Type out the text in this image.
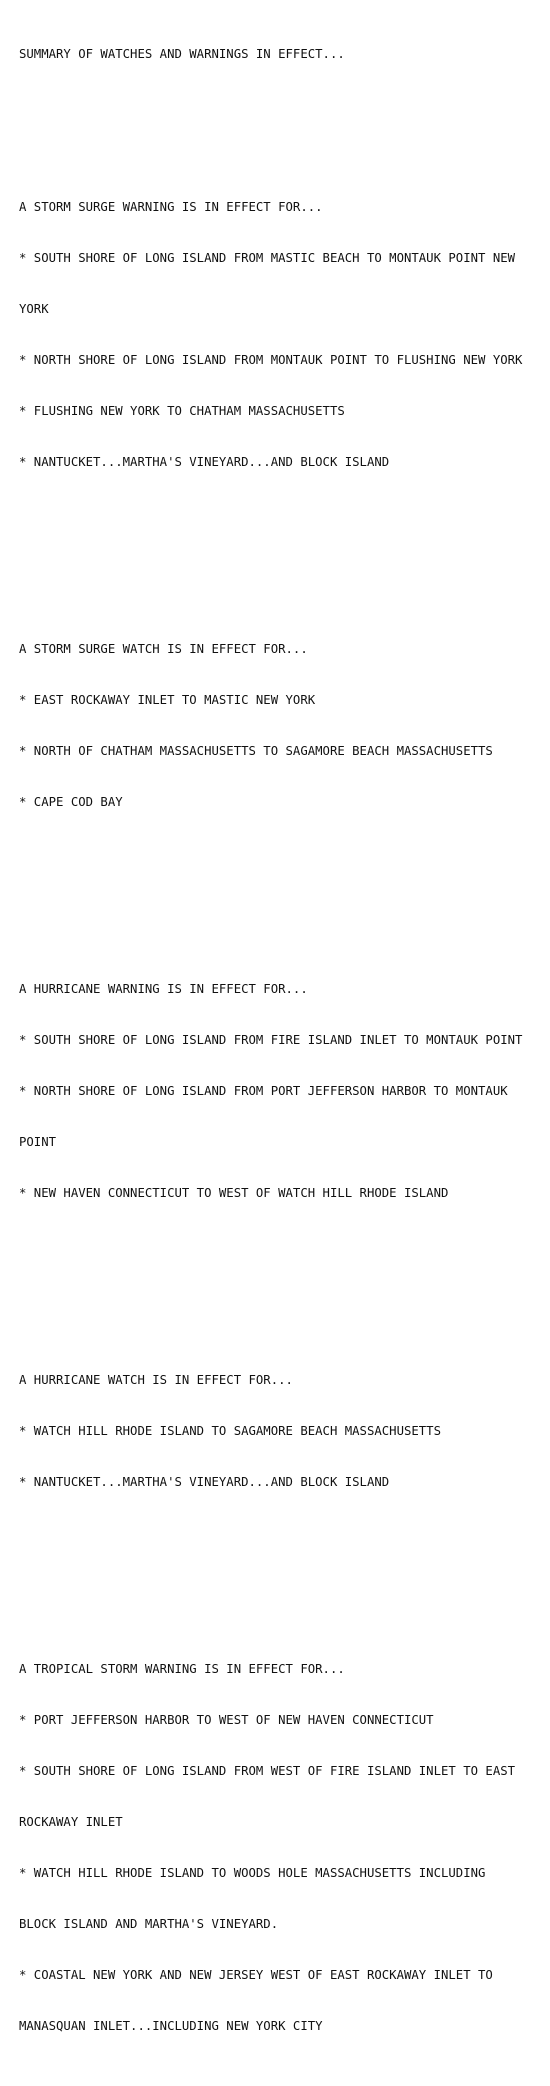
SUMMARY OF WATCHES AND WARNINGS IN EFFECT...

A STORM SURGE WARNING IS IN EFFECT FOR...

* SOUTH SHORE OF LONG ISLAND FROM MASTIC BEACH TO MONTAUK POINT NEW

YORK

* NORTH SHORE OF LONG ISLAND FROM MONTAUK POINT TO FLUSHING NEW YORK

* FLUSHING NEW YORK TO CHATHAM MASSACHUSETTS

* NANTUCKET...MARTHA'S VINEYARD...AND BLOCK ISLAND

A STORM SURGE WATCH IS IN EFFECT FOR...

* EAST ROCKAWAY INLET TO MASTIC NEW YORK

* NORTH OF CHATHAM MASSACHUSETTS TO SAGAMORE BEACH MASSACHUSETTS

* CAPE COD BAY

A HURRICANE WARNING IS IN EFFECT FOR...

* SOUTH SHORE OF LONG ISLAND FROM FIRE ISLAND INLET TO MONTAUK POINT

* NORTH SHORE OF LONG ISLAND FROM PORT JEFFERSON HARBOR TO MONTAUK

POINT

* NEW HAVEN CONNECTICUT TO WEST OF WATCH HILL RHODE ISLAND

A HURRICANE WATCH IS IN EFFECT FOR...

* WATCH HILL RHODE ISLAND TO SAGAMORE BEACH MASSACHUSETTS

* NANTUCKET...MARTHA'S VINEYARD...AND BLOCK ISLAND

A TROPICAL STORM WARNING IS IN EFFECT FOR...

* PORT JEFFERSON HARBOR TO WEST OF NEW HAVEN CONNECTICUT

* SOUTH SHORE OF LONG ISLAND FROM WEST OF FIRE ISLAND INLET TO EAST

ROCKAWAY INLET

* WATCH HILL RHODE ISLAND TO WOODS HOLE MASSACHUSETTS INCLUDING

BLOCK ISLAND AND MARTHA'S VINEYARD.

* COASTAL NEW YORK AND NEW JERSEY WEST OF EAST ROCKAWAY INLET TO

MANASQUAN INLET...INCLUDING NEW YORK CITY
